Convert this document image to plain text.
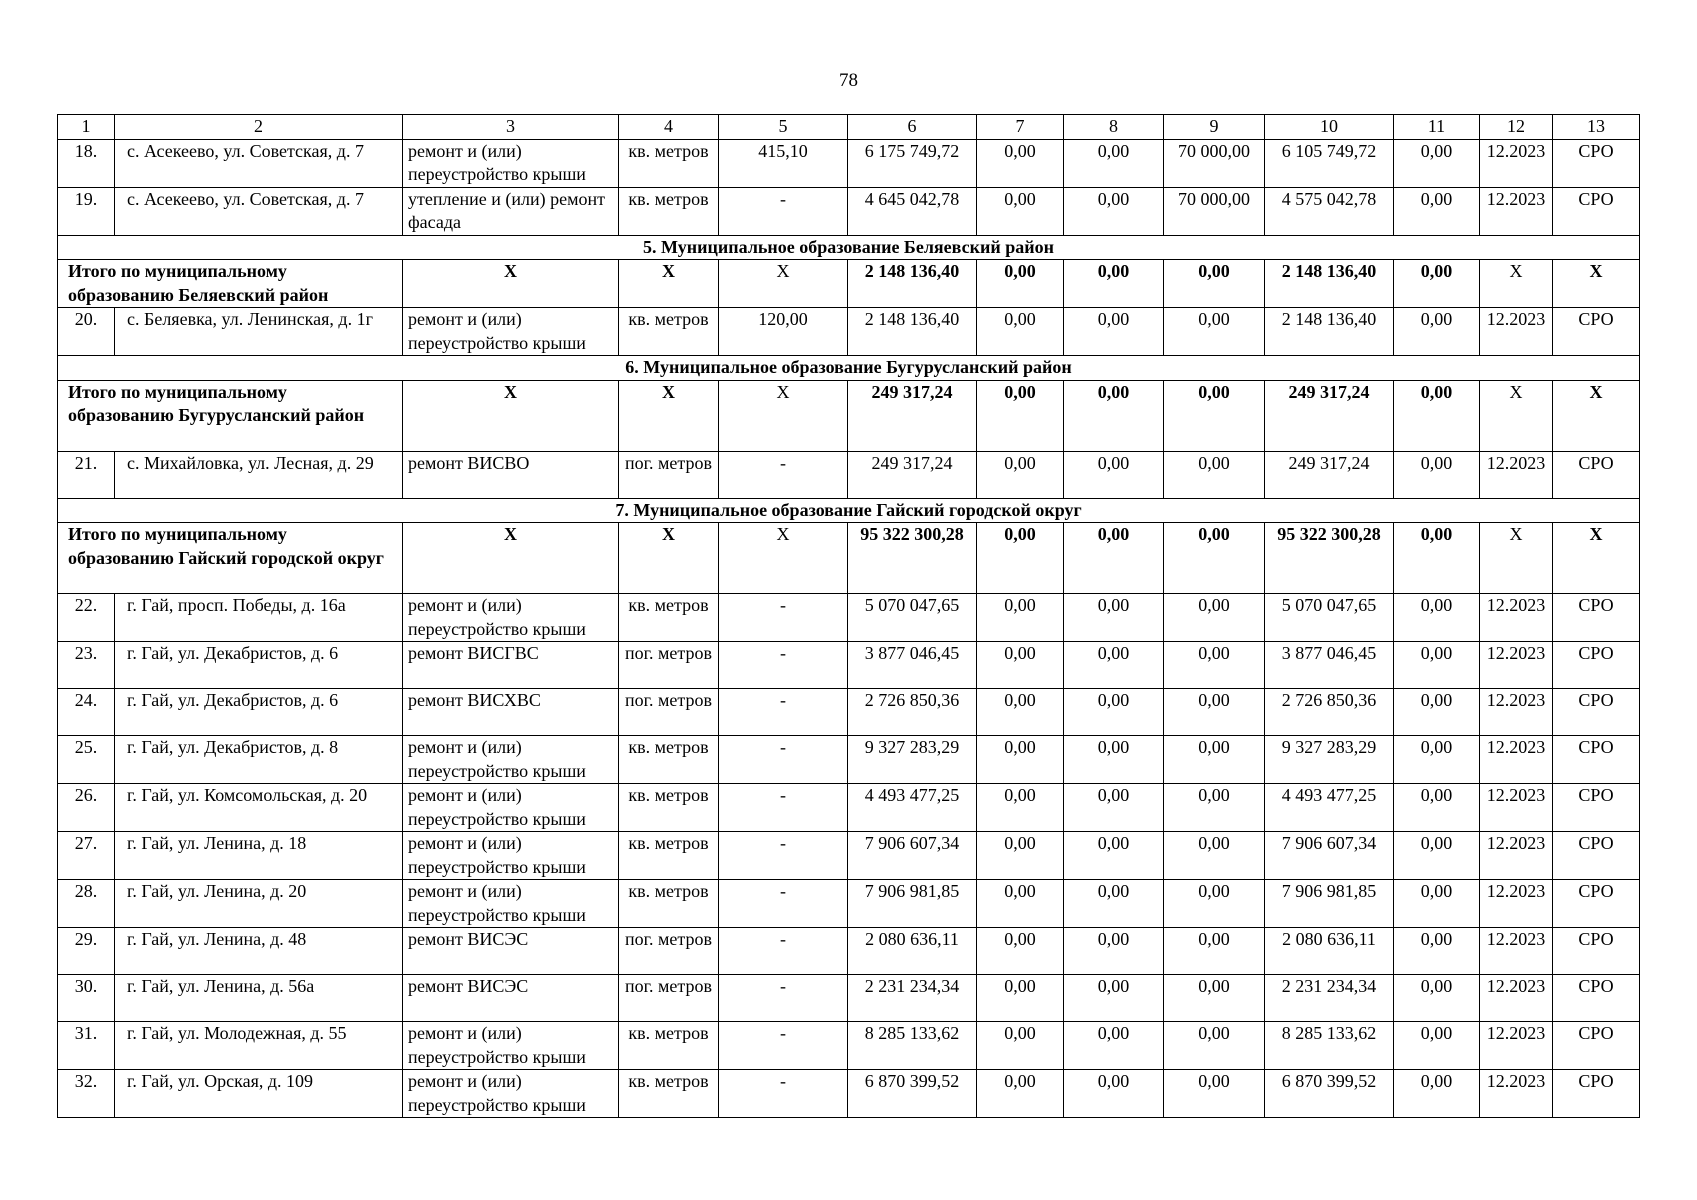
78
1	2	3	4	5	6	7	8	9	10	11	12	13
18.	с. Асекеево, ул. Советская, д. 7	ремонт и (или) переустройство крыши	кв. метров	415,10	6 175 749,72	0,00	0,00	70 000,00	6 105 749,72	0,00	12.2023	СРО
19.	с. Асекеево, ул. Советская, д. 7	утепление и (или) ремонт фасада	кв. метров	-	4 645 042,78	0,00	0,00	70 000,00	4 575 042,78	0,00	12.2023	СРО
5. Муниципальное образование Беляевский район												
Итого по муниципальному образованию Беляевский район		X	X	X	2 148 136,40	0,00	0,00	0,00	2 148 136,40	0,00	X	X
20.	с. Беляевка, ул. Ленинская, д. 1г	ремонт и (или) переустройство крыши	кв. метров	120,00	2 148 136,40	0,00	0,00	0,00	2 148 136,40	0,00	12.2023	СРО
6. Муниципальное образование Бугурусланский район												
Итого по муниципальному образованию Бугурусланский район		X	X	X	249 317,24	0,00	0,00	0,00	249 317,24	0,00	X	X
21.	с. Михайловка, ул. Лесная, д. 29	ремонт ВИСВО	пог. метров	-	249 317,24	0,00	0,00	0,00	249 317,24	0,00	12.2023	СРО
7. Муниципальное образование Гайский городской округ												
Итого по муниципальному образованию Гайский городской округ		X	X	X	95 322 300,28	0,00	0,00	0,00	95 322 300,28	0,00	X	X
22.	г. Гай, просп. Победы, д. 16а	ремонт и (или) переустройство крыши	кв. метров	-	5 070 047,65	0,00	0,00	0,00	5 070 047,65	0,00	12.2023	СРО
23.	г. Гай, ул. Декабристов, д. 6	ремонт ВИСГВС	пог. метров	-	3 877 046,45	0,00	0,00	0,00	3 877 046,45	0,00	12.2023	СРО
24.	г. Гай, ул. Декабристов, д. 6	ремонт ВИСХВС	пог. метров	-	2 726 850,36	0,00	0,00	0,00	2 726 850,36	0,00	12.2023	СРО
25.	г. Гай, ул. Декабристов, д. 8	ремонт и (или) переустройство крыши	кв. метров	-	9 327 283,29	0,00	0,00	0,00	9 327 283,29	0,00	12.2023	СРО
26.	г. Гай, ул. Комсомольская, д. 20	ремонт и (или) переустройство крыши	кв. метров	-	4 493 477,25	0,00	0,00	0,00	4 493 477,25	0,00	12.2023	СРО
27.	г. Гай, ул. Ленина, д. 18	ремонт и (или) переустройство крыши	кв. метров	-	7 906 607,34	0,00	0,00	0,00	7 906 607,34	0,00	12.2023	СРО
28.	г. Гай, ул. Ленина, д. 20	ремонт и (или) переустройство крыши	кв. метров	-	7 906 981,85	0,00	0,00	0,00	7 906 981,85	0,00	12.2023	СРО
29.	г. Гай, ул. Ленина, д. 48	ремонт ВИСЭС	пог. метров	-	2 080 636,11	0,00	0,00	0,00	2 080 636,11	0,00	12.2023	СРО
30.	г. Гай, ул. Ленина, д. 56а	ремонт ВИСЭС	пог. метров	-	2 231 234,34	0,00	0,00	0,00	2 231 234,34	0,00	12.2023	СРО
31.	г. Гай, ул. Молодежная, д. 55	ремонт и (или) переустройство крыши	кв. метров	-	8 285 133,62	0,00	0,00	0,00	8 285 133,62	0,00	12.2023	СРО
32.	г. Гай, ул. Орская, д. 109	ремонт и (или) переустройство крыши	кв. метров	-	6 870 399,52	0,00	0,00	0,00	6 870 399,52	0,00	12.2023	СРО
